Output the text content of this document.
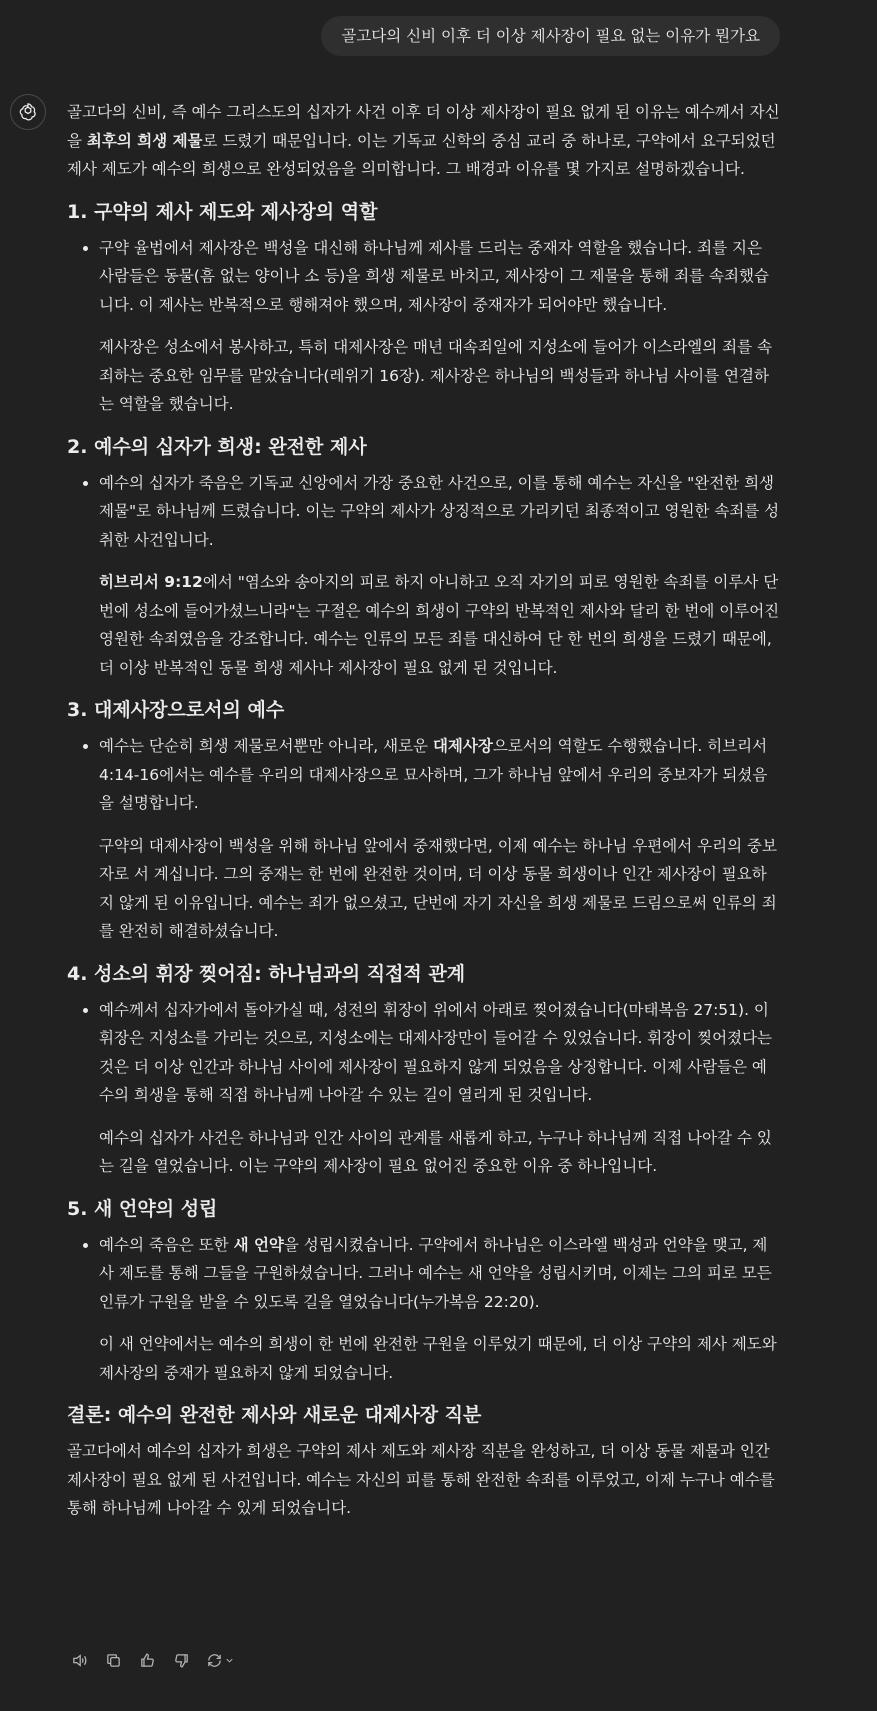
골고다의 신비 이후 더 이상 제사장이 필요 없는 이유가 뭔가요

골고다의 신비, 즉 예수 그리스도의 십자가 사건 이후 더 이상 제사장이 필요 없게 된 이유는 예수께서 자신을 최후의 희생 제물로 드렸기 때문입니다. 이는 기독교 신학의 중심 교리 중 하나로, 구약에서 요구되었던 제사 제도가 예수의 희생으로 완성되었음을 의미합니다. 그 배경과 이유를 몇 가지로 설명하겠습니다.

1. 구약의 제사 제도와 제사장의 역할

• 구약 율법에서 제사장은 백성을 대신해 하나님께 제사를 드리는 중재자 역할을 했습니다. 죄를 지은 사람들은 동물(흠 없는 양이나 소 등)을 희생 제물로 바치고, 제사장이 그 제물을 통해 죄를 속죄했습니다. 이 제사는 반복적으로 행해져야 했으며, 제사장이 중재자가 되어야만 했습니다.

제사장은 성소에서 봉사하고, 특히 대제사장은 매년 대속죄일에 지성소에 들어가 이스라엘의 죄를 속죄하는 중요한 임무를 맡았습니다(레위기 16장). 제사장은 하나님의 백성들과 하나님 사이를 연결하는 역할을 했습니다.

2. 예수의 십자가 희생: 완전한 제사

• 예수의 십자가 죽음은 기독교 신앙에서 가장 중요한 사건으로, 이를 통해 예수는 자신을 "완전한 희생 제물"로 하나님께 드렸습니다. 이는 구약의 제사가 상징적으로 가리키던 최종적이고 영원한 속죄를 성취한 사건입니다.

히브리서 9:12에서 "염소와 송아지의 피로 하지 아니하고 오직 자기의 피로 영원한 속죄를 이루사 단번에 성소에 들어가셨느니라"는 구절은 예수의 희생이 구약의 반복적인 제사와 달리 한 번에 이루어진 영원한 속죄였음을 강조합니다. 예수는 인류의 모든 죄를 대신하여 단 한 번의 희생을 드렸기 때문에, 더 이상 반복적인 동물 희생 제사나 제사장이 필요 없게 된 것입니다.

3. 대제사장으로서의 예수

• 예수는 단순히 희생 제물로서뿐만 아니라, 새로운 대제사장으로서의 역할도 수행했습니다. 히브리서 4:14-16에서는 예수를 우리의 대제사장으로 묘사하며, 그가 하나님 앞에서 우리의 중보자가 되셨음을 설명합니다.

구약의 대제사장이 백성을 위해 하나님 앞에서 중재했다면, 이제 예수는 하나님 우편에서 우리의 중보자로 서 계십니다. 그의 중재는 한 번에 완전한 것이며, 더 이상 동물 희생이나 인간 제사장이 필요하지 않게 된 이유입니다. 예수는 죄가 없으셨고, 단번에 자기 자신을 희생 제물로 드림으로써 인류의 죄를 완전히 해결하셨습니다.

4. 성소의 휘장 찢어짐: 하나님과의 직접적 관계

• 예수께서 십자가에서 돌아가실 때, 성전의 휘장이 위에서 아래로 찢어졌습니다(마태복음 27:51). 이 휘장은 지성소를 가리는 것으로, 지성소에는 대제사장만이 들어갈 수 있었습니다. 휘장이 찢어졌다는 것은 더 이상 인간과 하나님 사이에 제사장이 필요하지 않게 되었음을 상징합니다. 이제 사람들은 예수의 희생을 통해 직접 하나님께 나아갈 수 있는 길이 열리게 된 것입니다.

예수의 십자가 사건은 하나님과 인간 사이의 관계를 새롭게 하고, 누구나 하나님께 직접 나아갈 수 있는 길을 열었습니다. 이는 구약의 제사장이 필요 없어진 중요한 이유 중 하나입니다.

5. 새 언약의 성립

• 예수의 죽음은 또한 새 언약을 성립시켰습니다. 구약에서 하나님은 이스라엘 백성과 언약을 맺고, 제사 제도를 통해 그들을 구원하셨습니다. 그러나 예수는 새 언약을 성립시키며, 이제는 그의 피로 모든 인류가 구원을 받을 수 있도록 길을 열었습니다(누가복음 22:20).

이 새 언약에서는 예수의 희생이 한 번에 완전한 구원을 이루었기 때문에, 더 이상 구약의 제사 제도와 제사장의 중재가 필요하지 않게 되었습니다.

결론: 예수의 완전한 제사와 새로운 대제사장 직분

골고다에서 예수의 십자가 희생은 구약의 제사 제도와 제사장 직분을 완성하고, 더 이상 동물 제물과 인간 제사장이 필요 없게 된 사건입니다. 예수는 자신의 피를 통해 완전한 속죄를 이루었고, 이제 누구나 예수를 통해 하나님께 나아갈 수 있게 되었습니다.
